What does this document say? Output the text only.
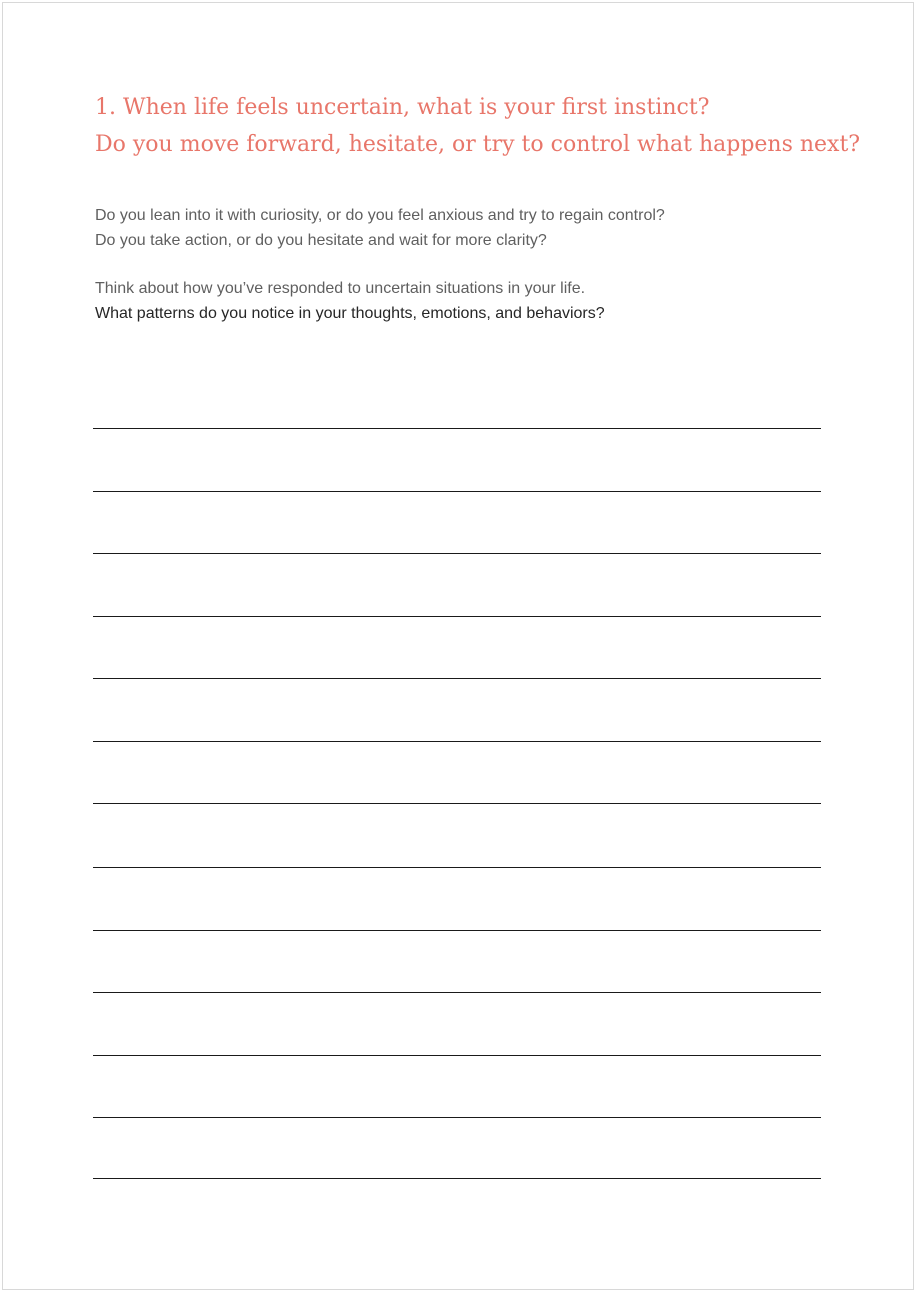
1. When life feels uncertain, what is your first instinct?
Do you move forward, hesitate, or try to control what happens next?

Do you lean into it with curiosity, or do you feel anxious and try to regain control?
Do you take action, or do you hesitate and wait for more clarity?

Think about how you’ve responded to uncertain situations in your life.
What patterns do you notice in your thoughts, emotions, and behaviors?
